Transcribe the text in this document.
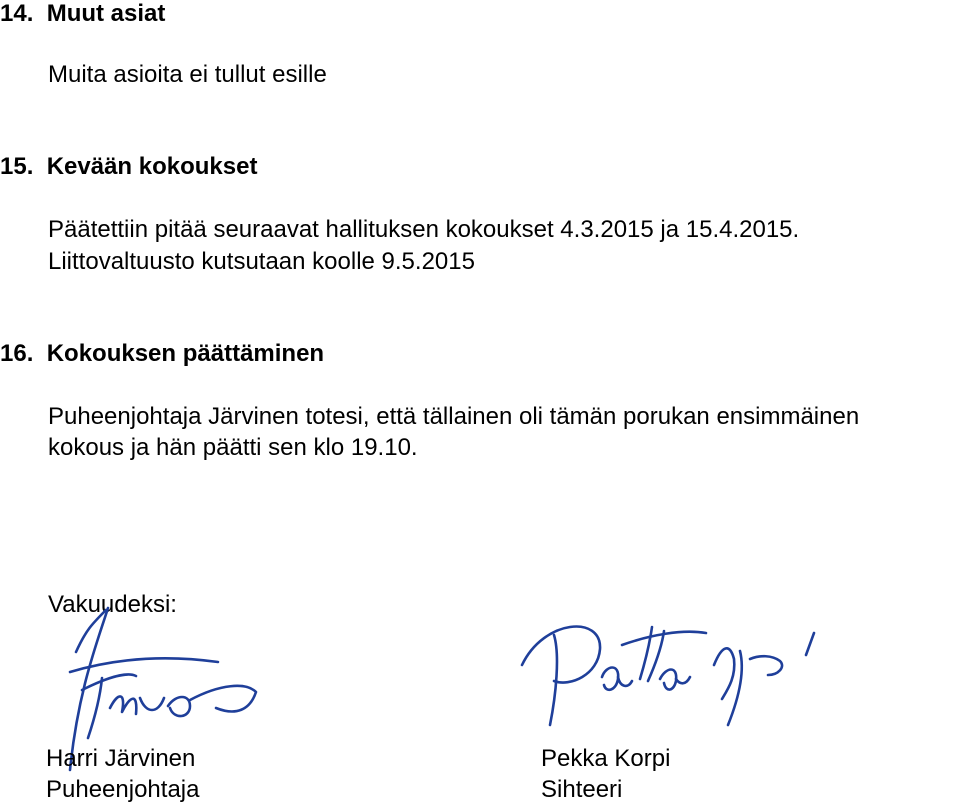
14.  Muut asiat

Muita asioita ei tullut esille

15.  Kevään kokoukset

Päätettiin pitää seuraavat hallituksen kokoukset 4.3.2015 ja 15.4.2015.

Liittovaltuusto kutsutaan koolle 9.5.2015

16.  Kokouksen päättäminen

Puheenjohtaja Järvinen totesi, että tällainen oli tämän porukan ensimmäinen

kokous ja hän päätti sen klo 19.10.

Vakuudeksi:

Harri Järvinen

Puheenjohtaja

Pekka Korpi

Sihteeri
